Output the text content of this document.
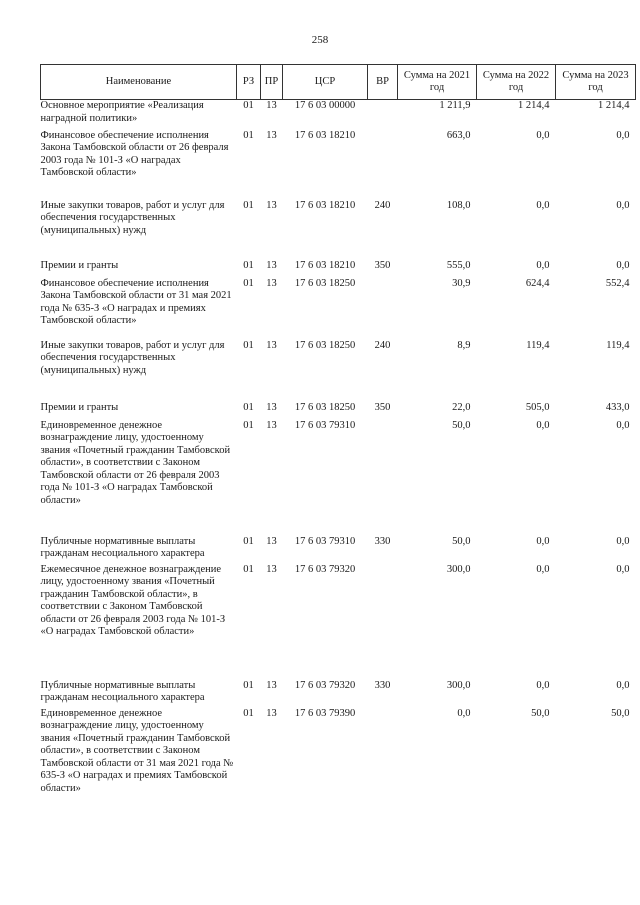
258
Наименование	РЗ	ПР	ЦСР	ВР	Сумма на 2021 год	Сумма на 2022 год	Сумма на 2023 год
Основное мероприятие «Реализация наградной политики»	01	13	17 6 03 00000		1 211,9	1 214,4	1 214,4
Финансовое обеспечение исполнения Закона Тамбовской области от 26 февраля 2003 года № 101-З «О наградах Тамбовской области»	01	13	17 6 03 18210		663,0	0,0	0,0
Иные закупки товаров, работ и услуг для обеспечения государственных (муниципальных) нужд	01	13	17 6 03 18210	240	108,0	0,0	0,0
Премии и гранты	01	13	17 6 03 18210	350	555,0	0,0	0,0
Финансовое обеспечение исполнения Закона Тамбовской области от 31 мая 2021 года № 635-З «О наградах и премиях Тамбовской области»	01	13	17 6 03 18250		30,9	624,4	552,4
Иные закупки товаров, работ и услуг для обеспечения государственных (муниципальных) нужд	01	13	17 6 03 18250	240	8,9	119,4	119,4
Премии и гранты	01	13	17 6 03 18250	350	22,0	505,0	433,0
Единовременное денежное вознаграждение лицу, удостоенному звания «Почетный гражданин Тамбовской области», в соответствии с Законом Тамбовской области от 26 февраля 2003 года № 101-З «О наградах Тамбовской области»	01	13	17 6 03 79310		50,0	0,0	0,0
Публичные нормативные выплаты гражданам несоциального характера	01	13	17 6 03 79310	330	50,0	0,0	0,0
Ежемесячное денежное вознаграждение лицу, удостоенному звания «Почетный гражданин Тамбовской области», в соответствии с Законом Тамбовской области от 26 февраля 2003 года № 101-З «О наградах Тамбовской области»	01	13	17 6 03 79320		300,0	0,0	0,0
Публичные нормативные выплаты гражданам несоциального характера	01	13	17 6 03 79320	330	300,0	0,0	0,0
Единовременное денежное вознаграждение лицу, удостоенному звания «Почетный гражданин Тамбовской области», в соответствии с Законом Тамбовской области от 31 мая 2021 года № 635-З «О наградах и премиях Тамбовской области»	01	13	17 6 03 79390		0,0	50,0	50,0
